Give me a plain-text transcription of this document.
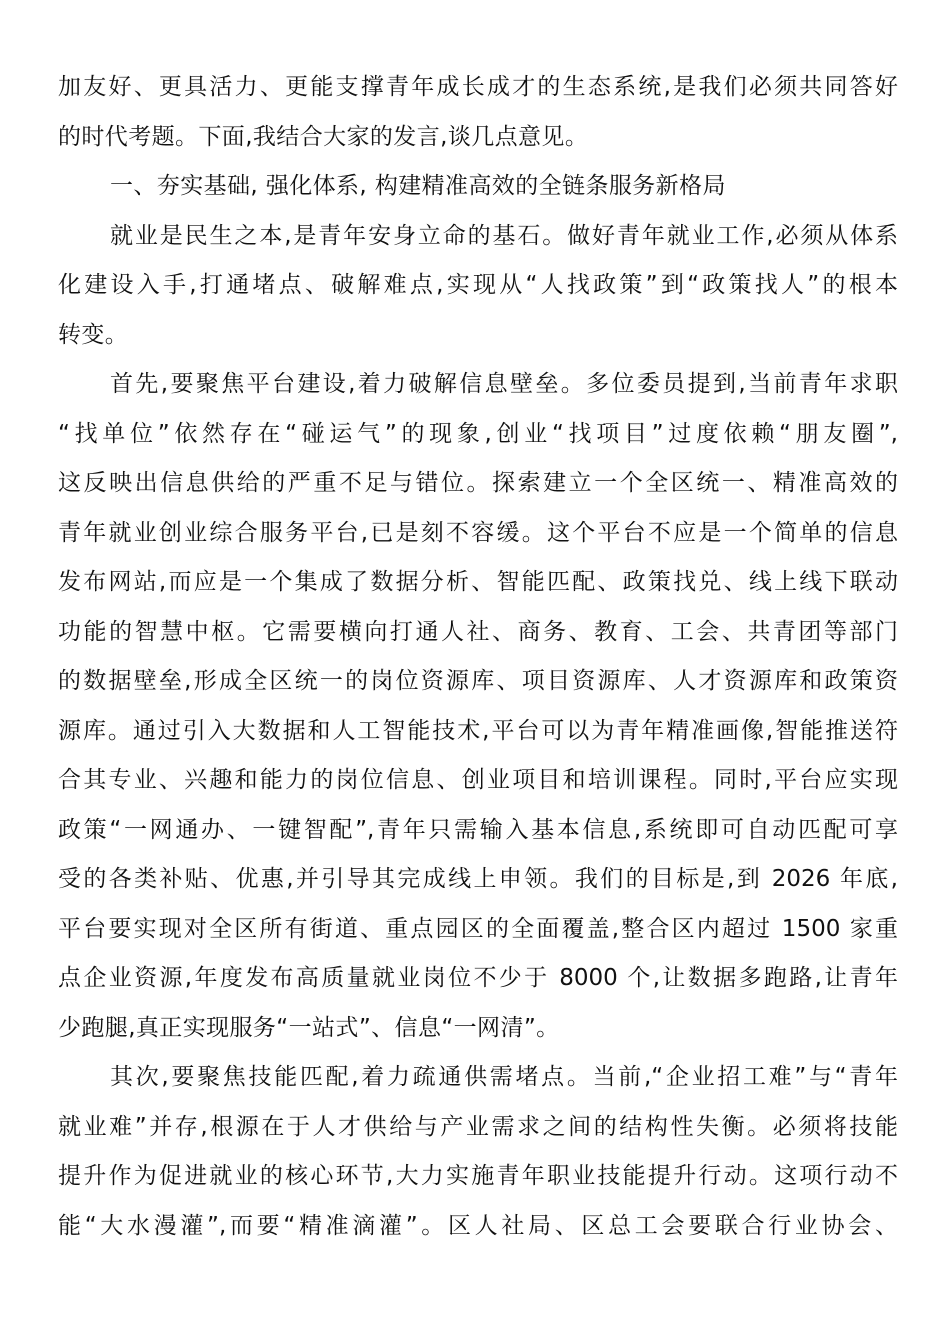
加友好、更具活力、更能支撑青年成长成才的生态系统,是我们必须共同答好
的时代考题。下面,我结合大家的发言,谈几点意见。
一、夯实基础, 强化体系, 构建精准高效的全链条服务新格局
就业是民生之本,是青年安身立命的基石。做好青年就业工作,必须从体系
化建设入手,打通堵点、破解难点,实现从“人找政策”到“政策找人”的根本
转变。
首先,要聚焦平台建设,着力破解信息壁垒。多位委员提到,当前青年求职
“找单位”依然存在“碰运气”的现象,创业“找项目”过度依赖“朋友圈”,
这反映出信息供给的严重不足与错位。探索建立一个全区统一、精准高效的
青年就业创业综合服务平台,已是刻不容缓。这个平台不应是一个简单的信息
发布网站,而应是一个集成了数据分析、智能匹配、政策找兑、线上线下联动
功能的智慧中枢。它需要横向打通人社、商务、教育、工会、共青团等部门
的数据壁垒,形成全区统一的岗位资源库、项目资源库、人才资源库和政策资
源库。通过引入大数据和人工智能技术,平台可以为青年精准画像,智能推送符
合其专业、兴趣和能力的岗位信息、创业项目和培训课程。同时,平台应实现
政策“一网通办、一键智配”,青年只需输入基本信息,系统即可自动匹配可享
受的各类补贴、优惠,并引导其完成线上申领。我们的目标是,到 2026 年底,
平台要实现对全区所有街道、重点园区的全面覆盖,整合区内超过 1500 家重
点企业资源,年度发布高质量就业岗位不少于 8000 个,让数据多跑路,让青年
少跑腿,真正实现服务“一站式”、信息“一网清”。
其次,要聚焦技能匹配,着力疏通供需堵点。当前,“企业招工难”与“青年
就业难”并存,根源在于人才供给与产业需求之间的结构性失衡。必须将技能
提升作为促进就业的核心环节,大力实施青年职业技能提升行动。这项行动不
能“大水漫灌”,而要“精准滴灌”。区人社局、区总工会要联合行业协会、
